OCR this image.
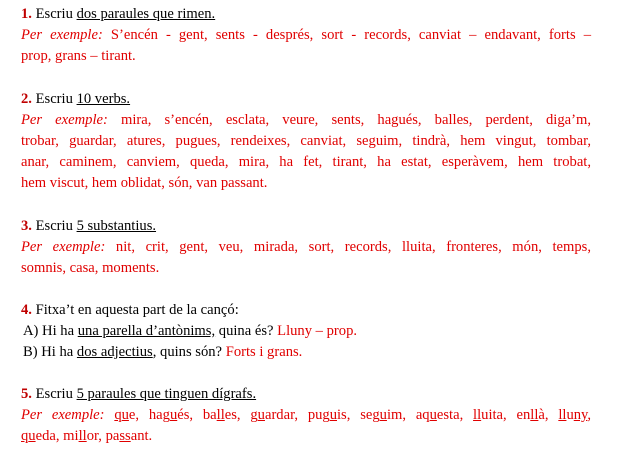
1. Escriu dos paraules que rimen.
Per exemple: S’encén - gent, sents - després, sort - records, canviat – endavant, forts –
prop, grans – tirant.
2. Escriu 10 verbs.
Per exemple: mira, s’encén, esclata, veure, sents, hagués, balles, perdent, diga’m,
trobar, guardar, atures, pugues, rendeixes, canviat, seguim, tindrà, hem vingut, tombar,
anar, caminem, canviem, queda, mira, ha fet, tirant, ha estat, esperàvem, hem trobat,
hem viscut, hem oblidat, són, van passant.
3. Escriu 5 substantius.
Per exemple: nit, crit, gent, veu, mirada, sort, records, lluita, fronteres, món, temps,
somnis, casa, moments.
4. Fitxa’t en aquesta part de la cançó:
A) Hi ha una parella d’antònims, quina és? Lluny – prop.
B) Hi ha dos adjectius, quins són? Forts i grans.
5. Escriu 5 paraules que tinguen dígrafs.
Per exemple: que, hagués, balles, guardar, puguis, seguim, aquesta, lluita, enllà, lluny,
queda, millor, passant.
